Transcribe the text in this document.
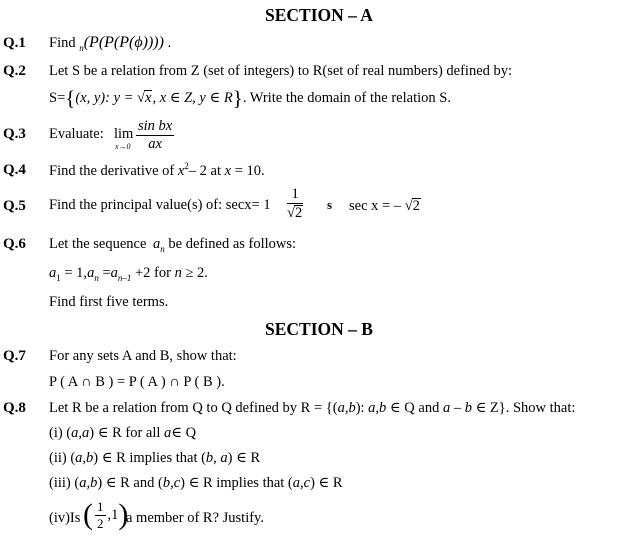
SECTION – A
Q.1 Find $_n$(P(P(P(ϕ)))) .
Q.2 Let S be a relation from Z (set of integers) to R(set of real numbers) defined by:
S={(x, y): y = √x, x ∈ Z, y ∈ R}. Write the domain of the relation S.
Q.3 Evaluate: lim
$x\to 0 \frac{\text{sin bx}}{ax}$
Q.4 Find the derivative of $x^2-$ 2 at x = 10.
Q.5 Find the principal value(s) of: $\sec x= 1 \frac{1}{√2}$ s sec x = – √2
Q.6 Let the sequence $a_n$ be defined as follows:
$a_1 = 1,a_n =a_{n-1} +2$ for n ≥ 2.
Find first five terms.
SECTION – B
Q.7 For any sets A and B, show that:
P ( A ∩ B ) = P ( A ) ∩ P ( B ).
Q.8 Let R be a relation from Q to Q defined by R = {(a,b): a,b ∈ Q and a – b ∈ Z}. Show that:
(i) (a,a) ∈ R for all a∈ Q
(ii) (a,b) ∈ R implies that (b, a) ∈ R
(iii) (a,b) ∈ R and (b,c) ∈ R implies that (a,c) ∈ R
(iv)Is ( $\frac{1}{2} ,1$)
a member of R? Justify.
